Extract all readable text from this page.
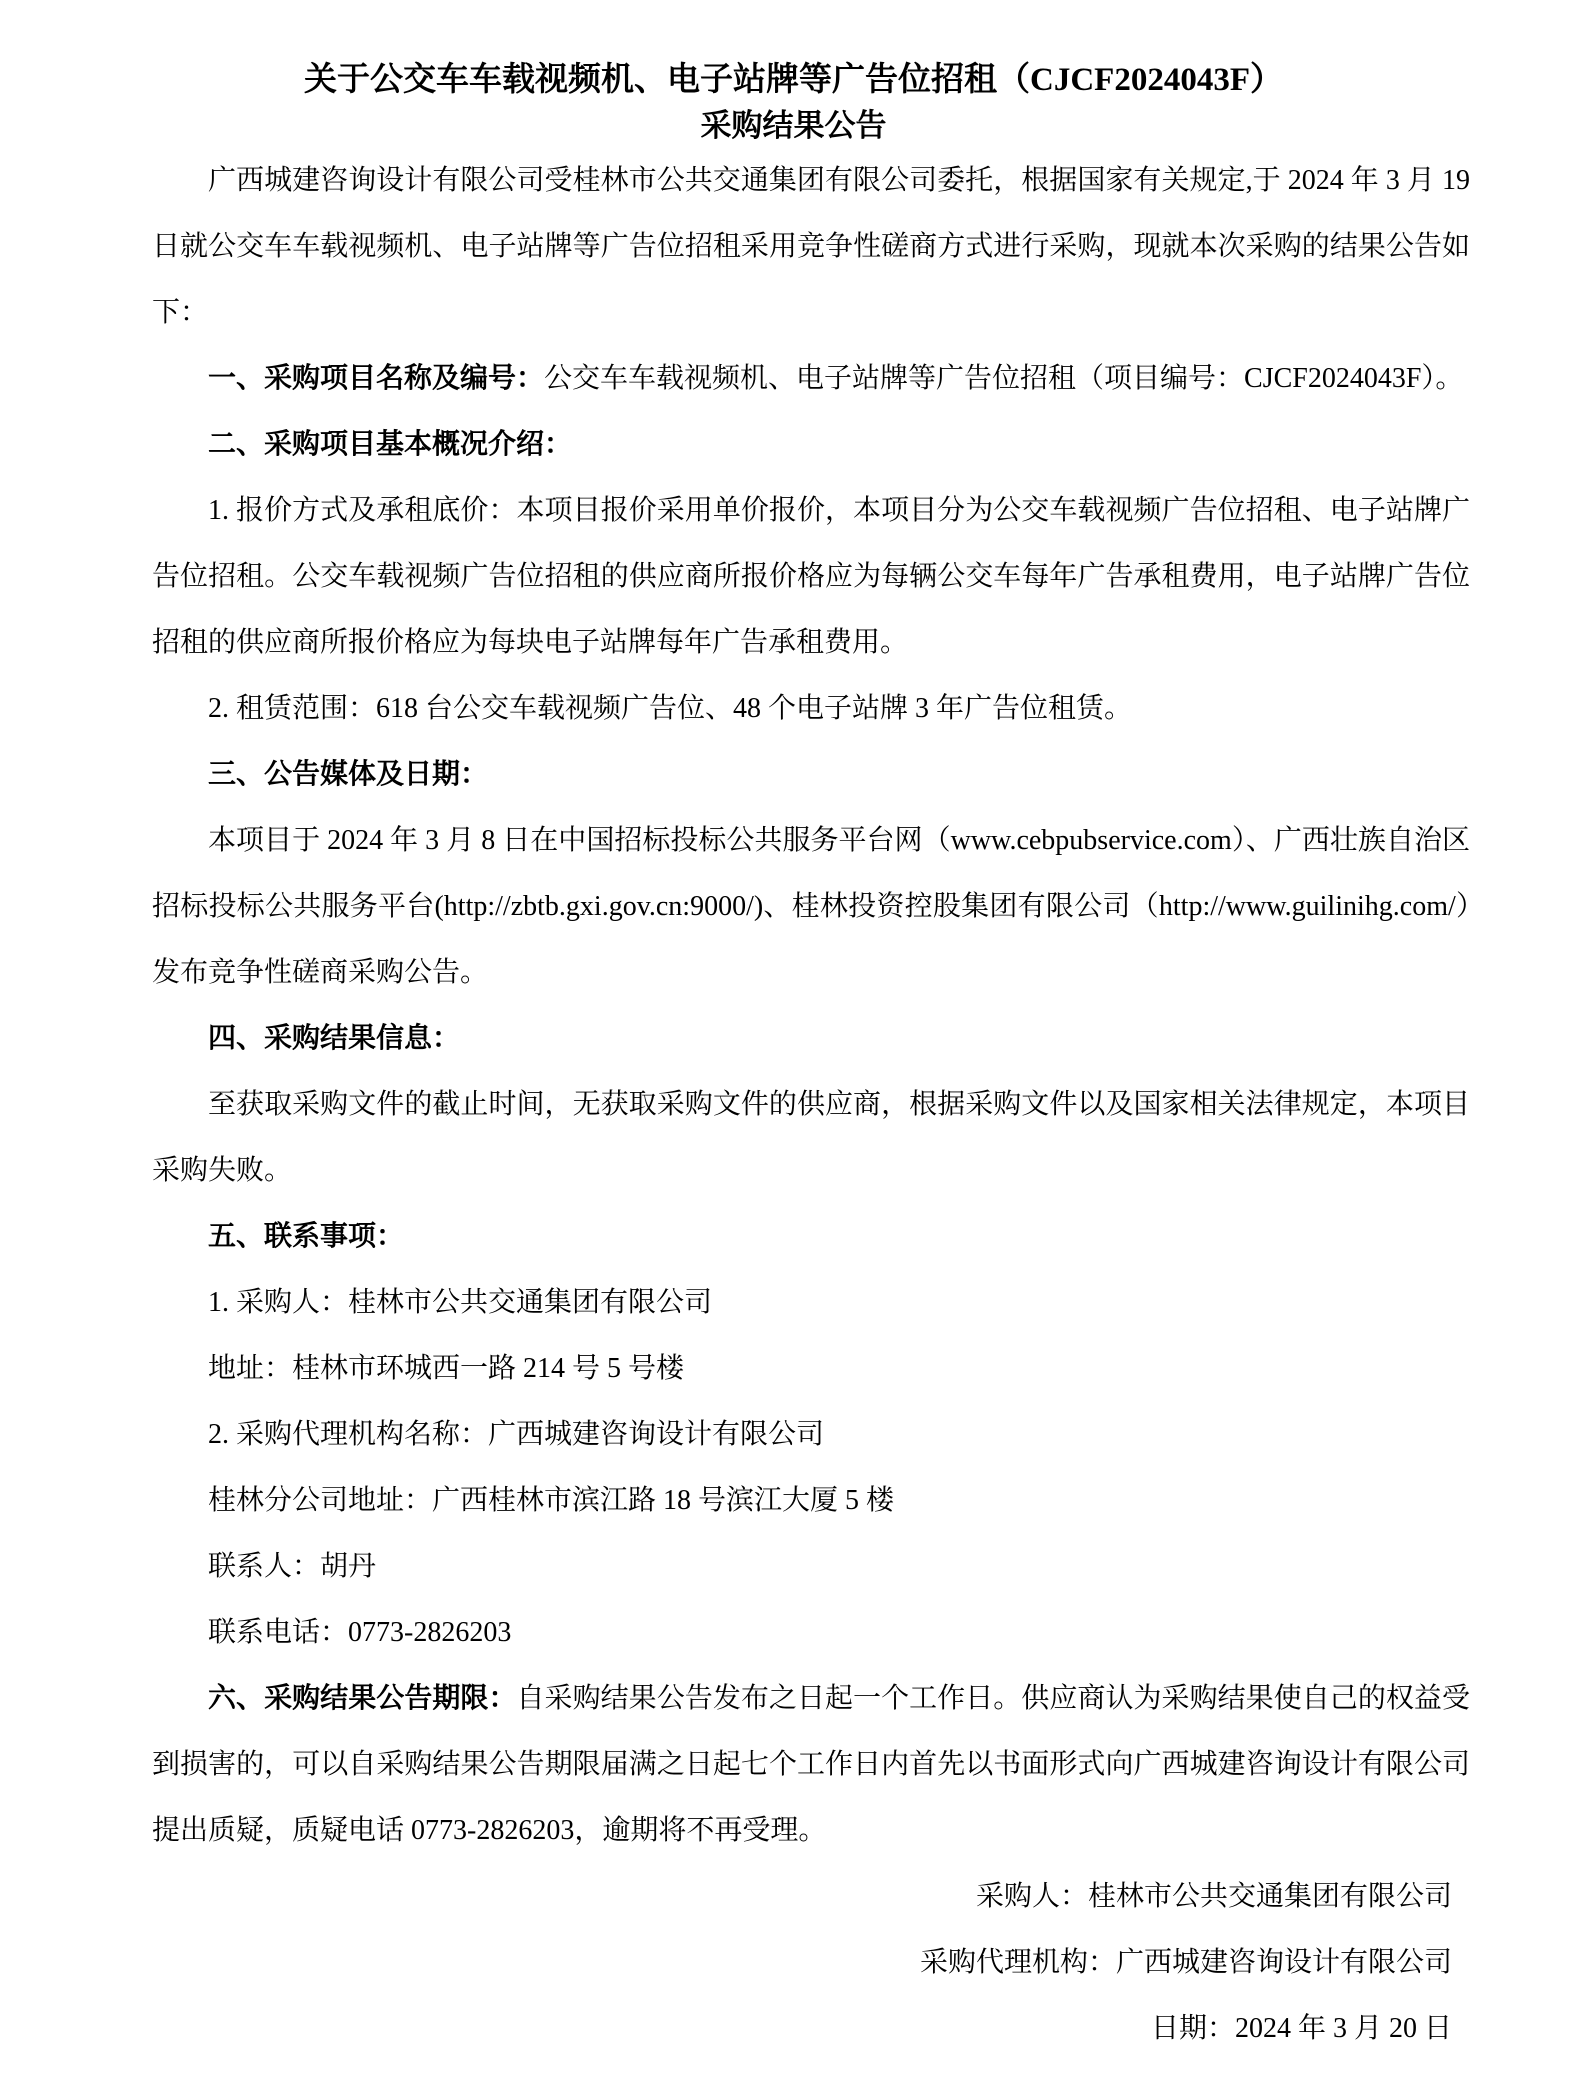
关于公交车车载视频机、电子站牌等广告位招租（CJCF2024043F）
采购结果公告

广西城建咨询设计有限公司受桂林市公共交通集团有限公司委托，根据国家有关规定,于 2024 年 3 月 19 日就公交车车载视频机、电子站牌等广告位招租采用竞争性磋商方式进行采购，现就本次采购的结果公告如下：

一、采购项目名称及编号：公交车车载视频机、电子站牌等广告位招租（项目编号：CJCF2024043F）。

二、采购项目基本概况介绍：

1. 报价方式及承租底价：本项目报价采用单价报价，本项目分为公交车载视频广告位招租、电子站牌广告位招租。公交车载视频广告位招租的供应商所报价格应为每辆公交车每年广告承租费用，电子站牌广告位招租的供应商所报价格应为每块电子站牌每年广告承租费用。

2. 租赁范围：618 台公交车载视频广告位、48 个电子站牌 3 年广告位租赁。

三、公告媒体及日期：

本项目于 2024 年 3 月 8 日在中国招标投标公共服务平台网（www.cebpubservice.com）、广西壮族自治区招标投标公共服务平台(http://zbtb.gxi.gov.cn:9000/)、桂林投资控股集团有限公司（http://www.guilinihg.com/）发布竞争性磋商采购公告。

四、采购结果信息：

至获取采购文件的截止时间，无获取采购文件的供应商，根据采购文件以及国家相关法律规定，本项目采购失败。

五、联系事项：

1. 采购人：桂林市公共交通集团有限公司

地址：桂林市环城西一路 214 号 5 号楼

2. 采购代理机构名称：广西城建咨询设计有限公司

桂林分公司地址：广西桂林市滨江路 18 号滨江大厦 5 楼

联系人：胡丹

联系电话：0773-2826203

六、采购结果公告期限：自采购结果公告发布之日起一个工作日。供应商认为采购结果使自己的权益受到损害的，可以自采购结果公告期限届满之日起七个工作日内首先以书面形式向广西城建咨询设计有限公司提出质疑，质疑电话 0773-2826203，逾期将不再受理。

采购人：桂林市公共交通集团有限公司

采购代理机构：广西城建咨询设计有限公司

日期：2024 年 3 月 20 日
